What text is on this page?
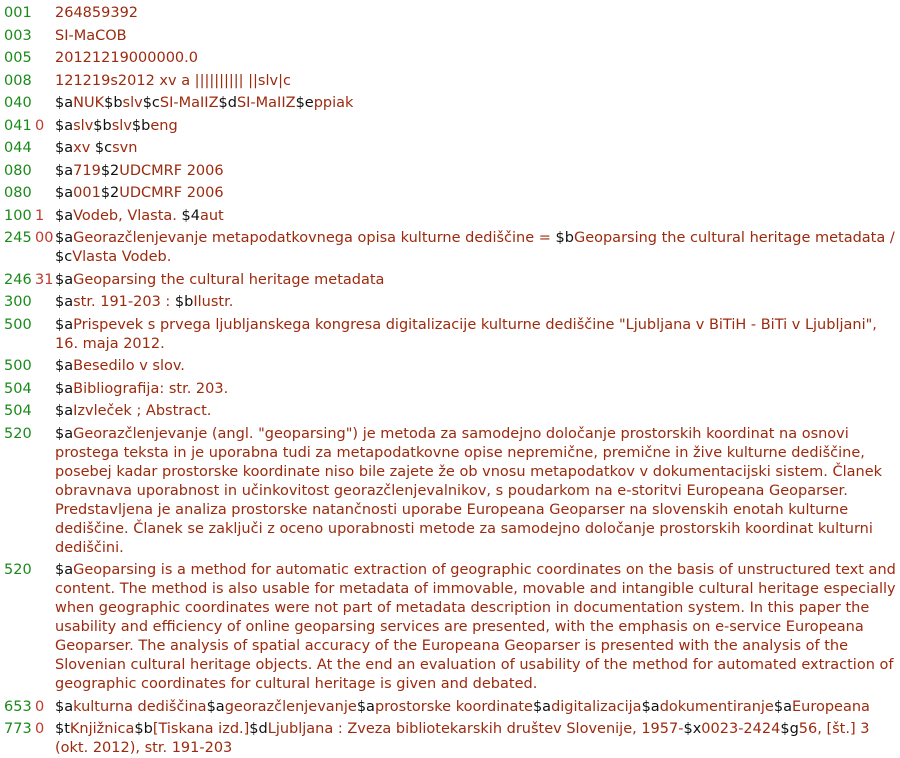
001 264859392
003 SI-MaCOB
005 20121219000000.0
008 121219s2012 xv a |||||||||| ||slv|c
040 $aNUK$bslv$cSI-MaIIZ$dSI-MaIIZ$eppiak
041 0 $aslv$bslv$beng
044 $axv $csvn
080 $a719$2UDCMRF 2006
080 $a001$2UDCMRF 2006
100 1 $aVodeb, Vlasta. $4aut
245 00 $aGeorazčlenjevanje metapodatkovnega opisa kulturne dediščine = $bGeoparsing the cultural heritage metadata / $cVlasta Vodeb.
246 31 $aGeoparsing the cultural heritage metadata
300 $astr. 191-203 : $bIlustr.
500 $aPrispevek s prvega ljubljanskega kongresa digitalizacije kulturne dediščine "Ljubljana v BiTiH - BiTi v Ljubljani", 16. maja 2012.
500 $aBesedilo v slov.
504 $aBibliografija: str. 203.
504 $aIzvleček ; Abstract.
520 $aGeorazčlenjevanje (angl. "geoparsing") je metoda za samodejno določanje prostorskih koordinat na osnovi prostega teksta in je uporabna tudi za metapodatkovne opise nepremične, premične in žive kulturne dediščine, posebej kadar prostorske koordinate niso bile zajete že ob vnosu metapodatkov v dokumentacijski sistem. Članek obravnava uporabnost in učinkovitost georazčlenjevalnikov, s poudarkom na e-storitvi Europeana Geoparser. Predstavljena je analiza prostorske natančnosti uporabe Europeana Geoparser na slovenskih enotah kulturne dediščine. Članek se zaključi z oceno uporabnosti metode za samodejno določanje prostorskih koordinat kulturni dediščini.
520 $aGeoparsing is a method for automatic extraction of geographic coordinates on the basis of unstructured text and content. The method is also usable for metadata of immovable, movable and intangible cultural heritage especially when geographic coordinates were not part of metadata description in documentation system. In this paper the usability and efficiency of online geoparsing services are presented, with the emphasis on e-service Europeana Geoparser. The analysis of spatial accuracy of the Europeana Geoparser is presented with the analysis of the Slovenian cultural heritage objects. At the end an evaluation of usability of the method for automated extraction of geographic coordinates for cultural heritage is given and debated.
653 0 $akulturna dediščina$ageorazčlenjevanje$aprostorske koordinate$adigitalizacija$adokumentiranje$aEuropeana
773 0 $tKnjižnica$b[Tiskana izd.]$dLjubljana : Zveza bibliotekarskih društev Slovenije, 1957-$x0023-2424$g56, [št.] 3 (okt. 2012), str. 191-203
